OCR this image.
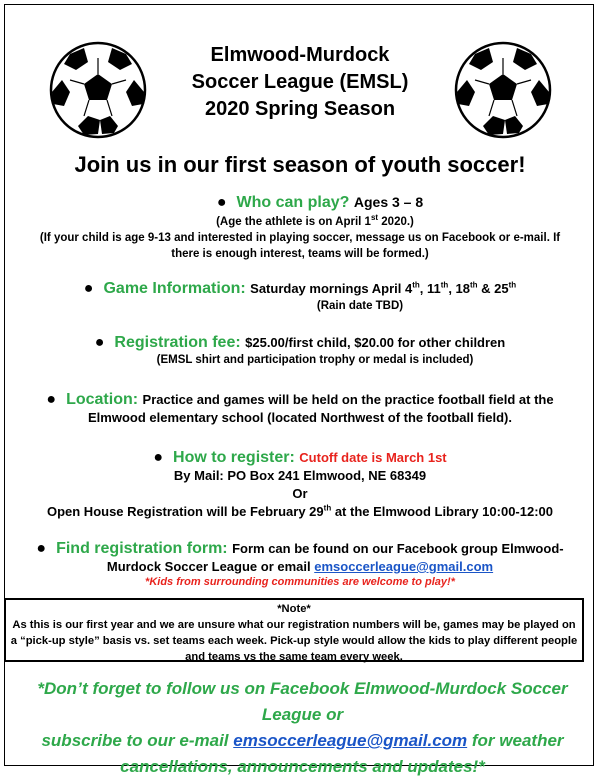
Elmwood-Murdock
Soccer League (EMSL)
2020 Spring Season
Join us in our first season of youth soccer!
● Who can play? Ages 3 – 8
(Age the athlete is on April 1st 2020.)
(If your child is age 9-13 and interested in playing soccer, message us on Facebook or e-mail. If
there is enough interest, teams will be formed.)
● Game Information: Saturday mornings April 4th, 11th, 18th & 25th
(Rain date TBD)
● Registration fee: $25.00/first child, $20.00 for other children
(EMSL shirt and participation trophy or medal is included)
● Location: Practice and games will be held on the practice football field at the
Elmwood elementary school (located Northwest of the football field).
● How to register: Cutoff date is March 1st
By Mail: PO Box 241 Elmwood, NE 68349
Or
Open House Registration will be February 29th at the Elmwood Library 10:00-12:00
● Find registration form: Form can be found on our Facebook group Elmwood-
Murdock Soccer League or email emsoccerleague@gmail.com
*Kids from surrounding communities are welcome to play!*
*Note*
As this is our first year and we are unsure what our registration numbers will be, games may be played on
a “pick-up style” basis vs. set teams each week. Pick-up style would allow the kids to play different people
and teams vs the same team every week.
*Don’t forget to follow us on Facebook Elmwood-Murdock Soccer League or
subscribe to our e-mail emsoccerleague@gmail.com for weather
cancellations, announcements and updates!*
